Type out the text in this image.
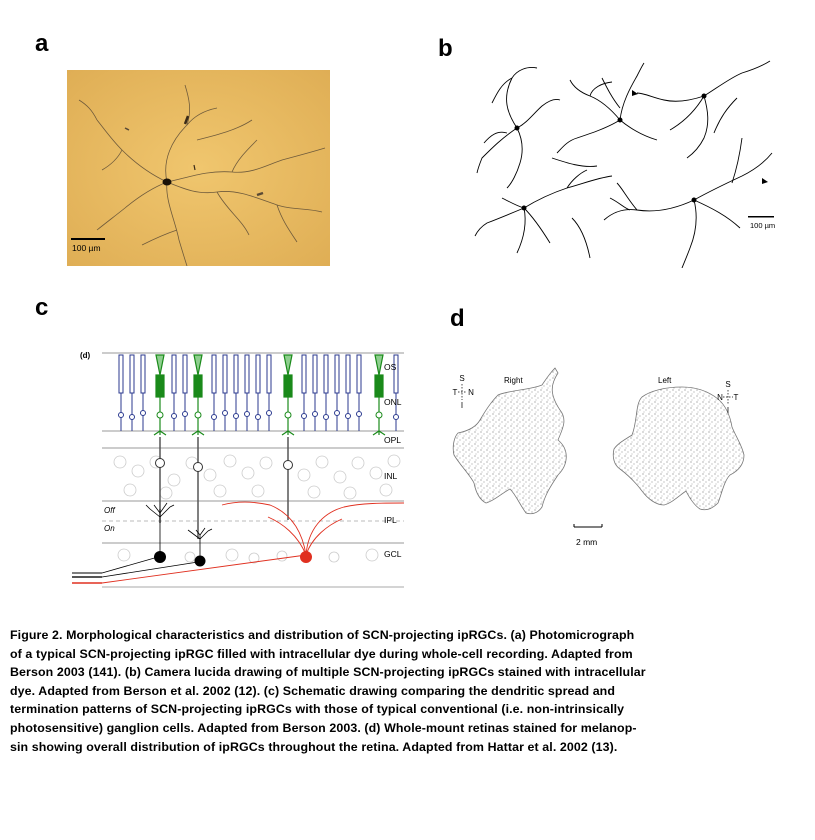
a	b
c	d
100 µm
100 µm
(d)
OS
ONL
OPL
INL
IPL
GCL
Off
On
Right	Left
S
T N
I
S
N T
I
2 mm
Figure 2. Morphological characteristics and distribution of SCN-projecting ipRGCs. (a) Photomicrograph
of a typical SCN-projecting ipRGC filled with intracellular dye during whole-cell recording. Adapted from
Berson 2003 (141). (b) Camera lucida drawing of multiple SCN-projecting ipRGCs stained with intracellular
dye. Adapted from Berson et al. 2002 (12). (c) Schematic drawing comparing the dendritic spread and
termination patterns of SCN-projecting ipRGCs with those of typical conventional (i.e. non-intrinsically
photosensitive) ganglion cells. Adapted from Berson 2003. (d) Whole-mount retinas stained for melanop-
sin showing overall distribution of ipRGCs throughout the retina. Adapted from Hattar et al. 2002 (13).
